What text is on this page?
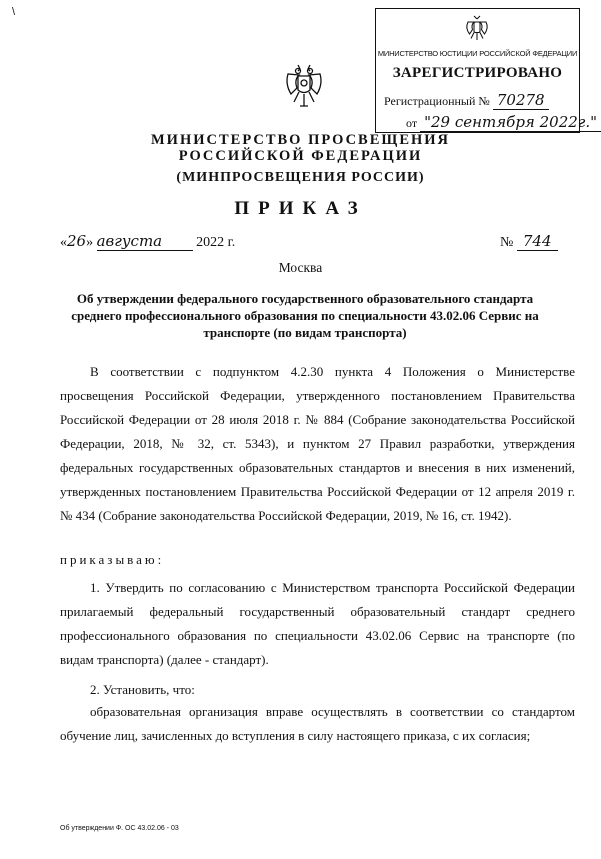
\
МИНИСТЕРСТВО ЮСТИЦИИ РОССИЙСКОЙ ФЕДЕРАЦИИ
ЗАРЕГИСТРИРОВАНО
Регистрационный № 70278
от "29 сентября 2022г."
МИНИСТЕРСТВО ПРОСВЕЩЕНИЯ
РОССИЙСКОЙ ФЕДЕРАЦИИ
(МИНПРОСВЕЩЕНИЯ РОССИИ)
ПРИКАЗ
«26» августа 2022 г.	№ 744
Москва
Об утверждении федерального государственного образовательного стандарта среднего профессионального образования по специальности 43.02.06 Сервис на транспорте (по видам транспорта)
В соответствии с подпунктом 4.2.30 пункта 4 Положения о Министерстве просвещения Российской Федерации, утвержденного постановлением Правительства Российской Федерации от 28 июля 2018 г. № 884 (Собрание законодательства Российской Федерации, 2018, № 32, ст. 5343), и пунктом 27 Правил разработки, утверждения федеральных государственных образовательных стандартов и внесения в них изменений, утвержденных постановлением Правительства Российской Федерации от 12 апреля 2019 г. № 434 (Собрание законодательства Российской Федерации, 2019, № 16, ст. 1942).
приказываю:
1. Утвердить по согласованию с Министерством транспорта Российской Федерации прилагаемый федеральный государственный образовательный стандарт среднего профессионального образования по специальности 43.02.06 Сервис на транспорте (по видам транспорта) (далее - стандарт).
2. Установить, что:
образовательная организация вправе осуществлять в соответствии со стандартом обучение лиц, зачисленных до вступления в силу настоящего приказа, с их согласия;
Об утверждении Ф. ОС 43.02.06 - 03
